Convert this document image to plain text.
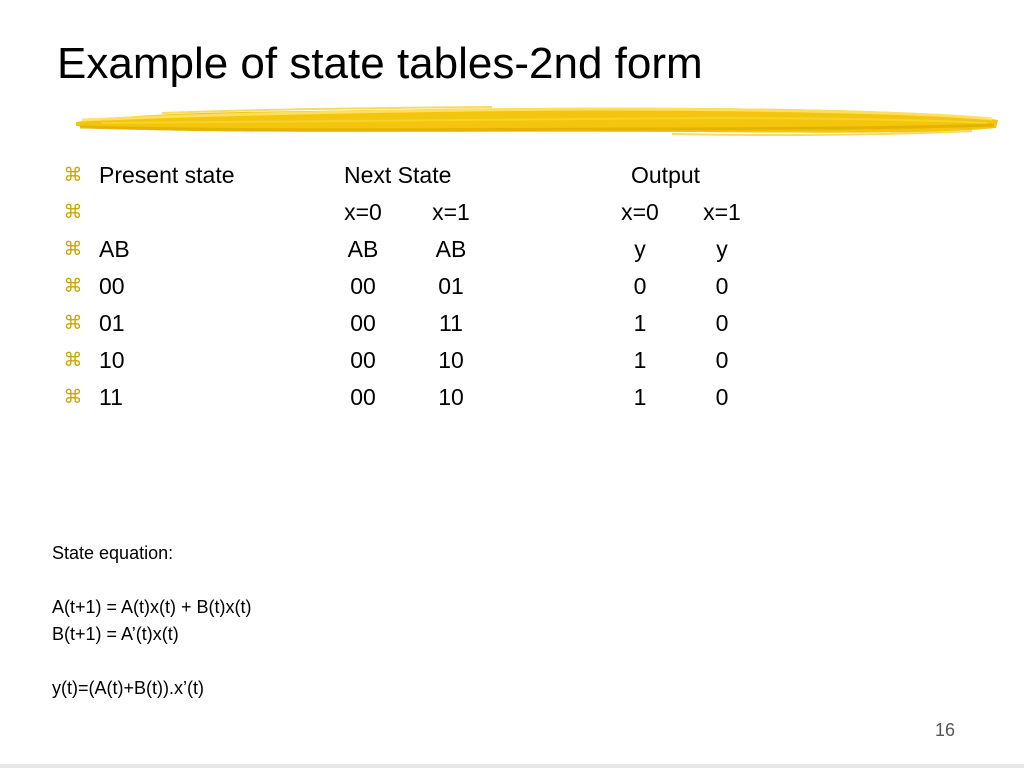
Example of state tables-2nd form
⌘ Present state	Next State	Output
⌘	x=0	x=1	x=0	x=1
⌘ AB	AB	AB	y	y
⌘ 00	00	01	0	0
⌘ 01	00	11	1	0
⌘ 10	00	10	1	0
⌘ 11	00	10	1	0
State equation:
A(t+1) = A(t)x(t) + B(t)x(t)
B(t+1) = A’(t)x(t)
y(t)=(A(t)+B(t)).x’(t)
16
